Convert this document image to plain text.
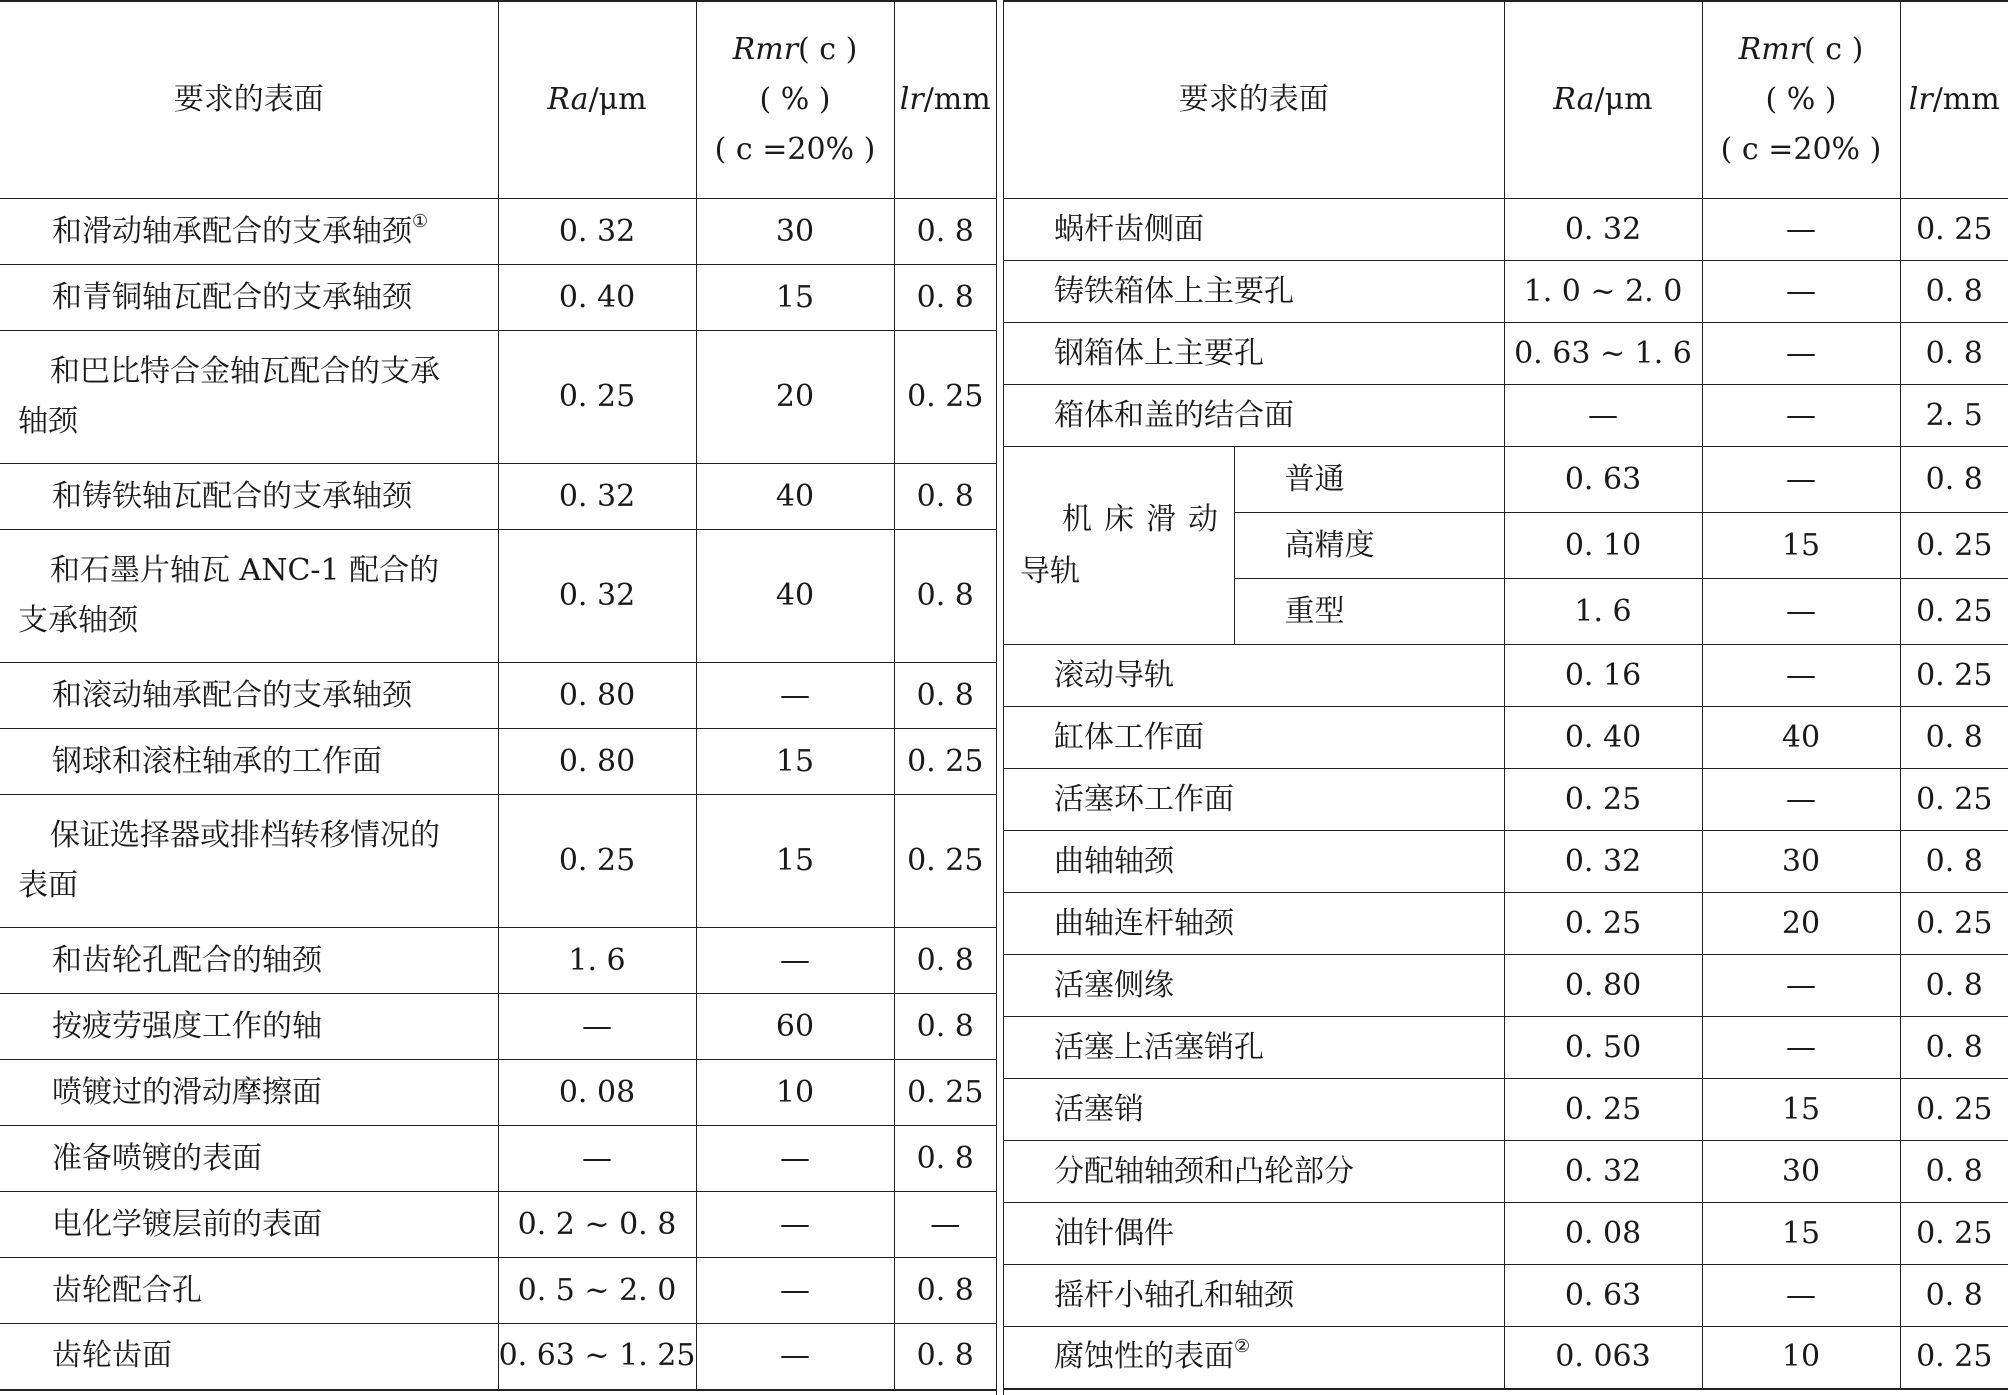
要求的表面	Ra/μm	Rmr( c )
( % )
( c =20% )	lr/mm
和滑动轴承配合的支承轴颈①	0. 32	30	0. 8
和青铜轴瓦配合的支承轴颈	0. 40	15	0. 8

和巴比特合金轴瓦配合的支承
轴颈	0. 25	20	0. 25
和铸铁轴瓦配合的支承轴颈	0. 32	40	0. 8

和石墨片轴瓦 ANC-1 配合的
支承轴颈	0. 32	40	0. 8
和滚动轴承配合的支承轴颈	0. 80	—	0. 8
钢球和滚柱轴承的工作面	0. 80	15	0. 25

保证选择器或排档转移情况的
表面	0. 25	15	0. 25
和齿轮孔配合的轴颈	1. 6	—	0. 8
按疲劳强度工作的轴	—	60	0. 8
喷镀过的滑动摩擦面	0. 08	10	0. 25
准备喷镀的表面	—	—	0. 8
电化学镀层前的表面	0. 2 ~ 0. 8	—	—
齿轮配合孔	0. 5 ~ 2. 0	—	0. 8
齿轮齿面	0. 63 ~ 1. 25	—	0. 8
要求的表面		Ra/μm	Rmr( c )
( % )
( c =20% )	lr/mm
蜗杆齿侧面		0. 32	—	0. 25
铸铁箱体上主要孔		1. 0 ~ 2. 0	—	0. 8
钢箱体上主要孔		0. 63 ~ 1. 6	—	0. 8
箱体和盖的结合面		—	—	2. 5

机床滑动
导轨	普通	0. 63	—	0. 8
	高精度	0. 10	15	0. 25
	重型	1. 6	—	0. 25
滚动导轨		0. 16	—	0. 25
缸体工作面		0. 40	40	0. 8
活塞环工作面		0. 25	—	0. 25
曲轴轴颈		0. 32	30	0. 8
曲轴连杆轴颈		0. 25	20	0. 25
活塞侧缘		0. 80	—	0. 8
活塞上活塞销孔		0. 50	—	0. 8
活塞销		0. 25	15	0. 25
分配轴轴颈和凸轮部分		0. 32	30	0. 8
油针偶件		0. 08	15	0. 25
摇杆小轴孔和轴颈		0. 63	—	0. 8
腐蚀性的表面②		0. 063	10	0. 25
